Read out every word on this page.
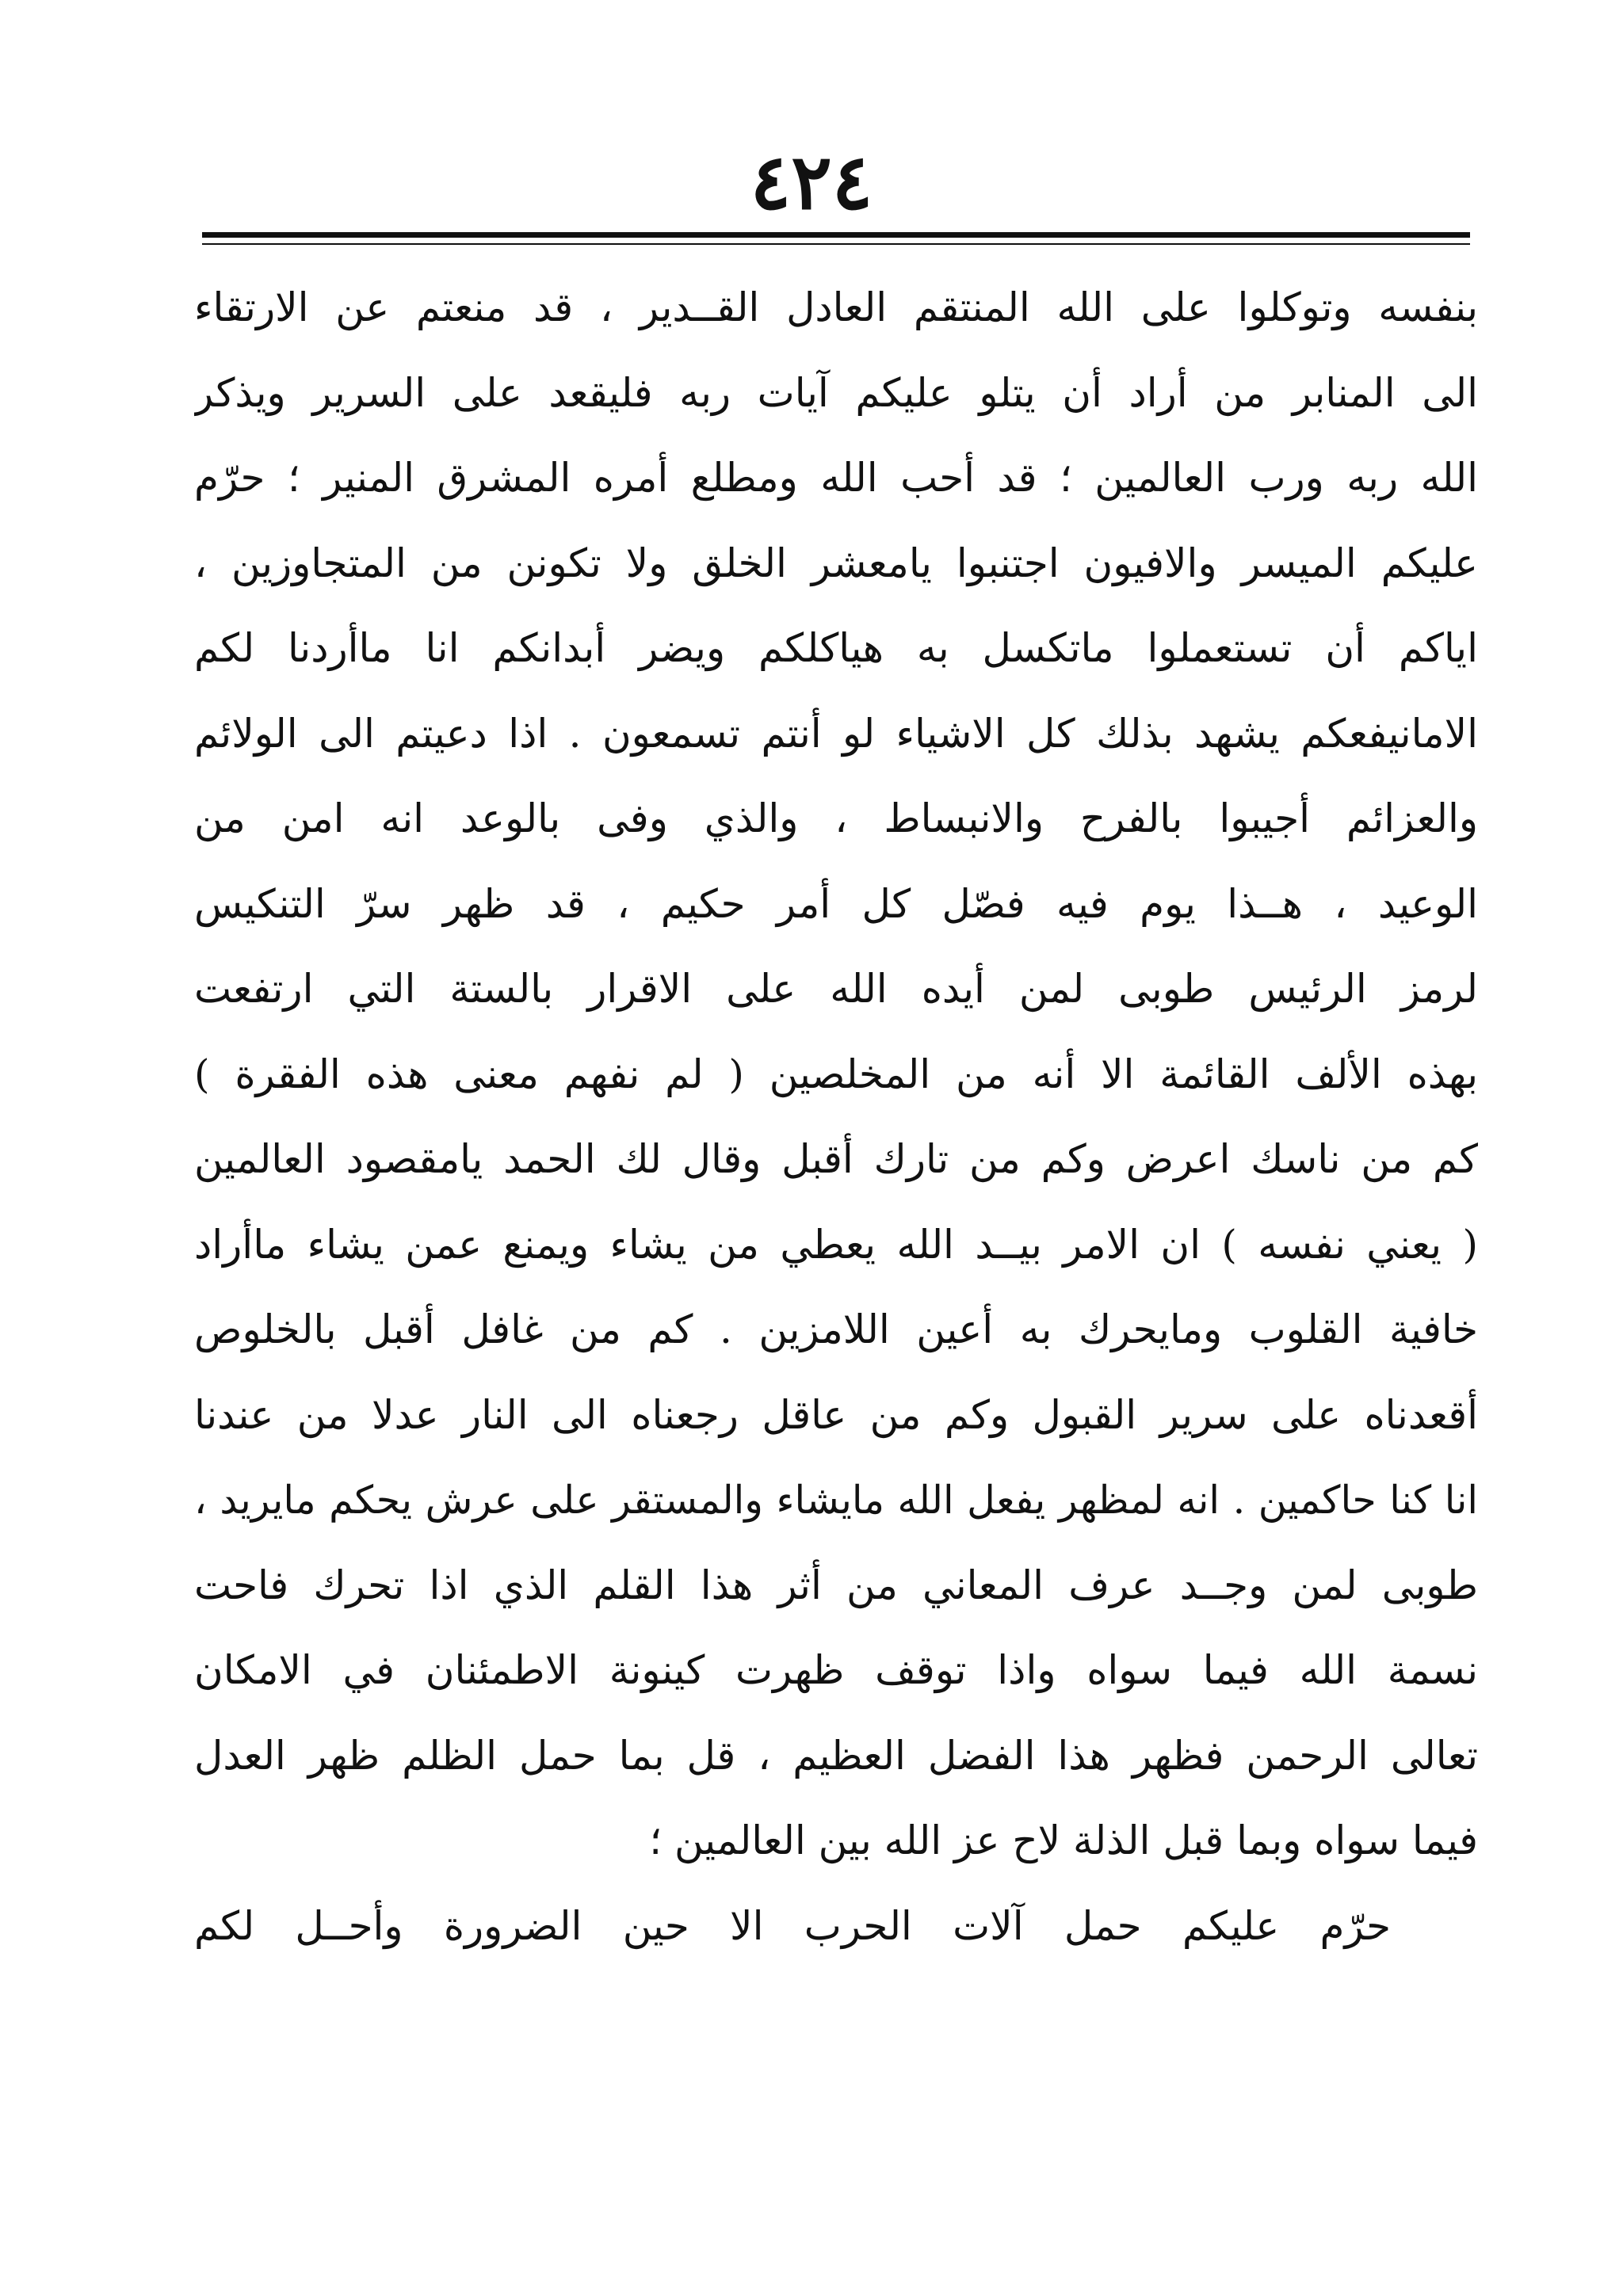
٤٢٤
بنفسه وتوكلوا على الله المنتقم العادل القــدير ، قد منعتم عن الارتقاء
الى المنابر من أراد أن يتلو عليكم آيات ربه فليقعد على السرير ويذكر
الله ربه ورب العالمين ؛ قد أحب الله ومطلع أمره المشرق المنير ؛ حرّم
عليكم الميسر والافيون اجتنبوا يامعشر الخلق ولا تكونن من المتجاوزين ،
اياكم أن تستعملوا ماتكسل به هياكلكم ويضر أبدانكم انا ماأردنا لكم
الامانيفعكم يشهد بذلك كل الاشياء لو أنتم تسمعون . اذا دعيتم الى الولائم
والعزائم أجيبوا بالفرح والانبساط ، والذي وفى بالوعد انه امن من
الوعيد ، هــذا يوم فيه فصّل كل أمر حكيم ، قد ظهر سرّ التنكيس
لرمز الرئيس طوبى لمن أيده الله على الاقرار بالستة التي ارتفعت
بهذه الألف القائمة الا أنه من المخلصين ( لم نفهم معنى هذه الفقرة )
كم من ناسك اعرض وكم من تارك أقبل وقال لك الحمد يامقصود العالمين
( يعني نفسه ) ان الامر بيــد الله يعطي من يشاء ويمنع عمن يشاء ماأراد
خافية القلوب ومايحرك به أعين اللامزين . كم من غافل أقبل بالخلوص
أقعدناه على سرير القبول وكم من عاقل رجعناه الى النار عدلا من عندنا
انا كنا حاكمين . انه لمظهر يفعل الله مايشاء والمستقر على عرش يحكم مايريد ،
طوبى لمن وجــد عرف المعاني من أثر هذا القلم الذي اذا تحرك فاحت
نسمة الله فيما سواه واذا توقف ظهرت كينونة الاطمئنان في الامكان
تعالى الرحمن فظهر هذا الفضل العظيم ، قل بما حمل الظلم ظهر العدل
فيما سواه وبما قبل الذلة لاح عز الله بين العالمين ؛
حرّم عليكم حمل آلات الحرب الا حين الضرورة وأحــل لكم
